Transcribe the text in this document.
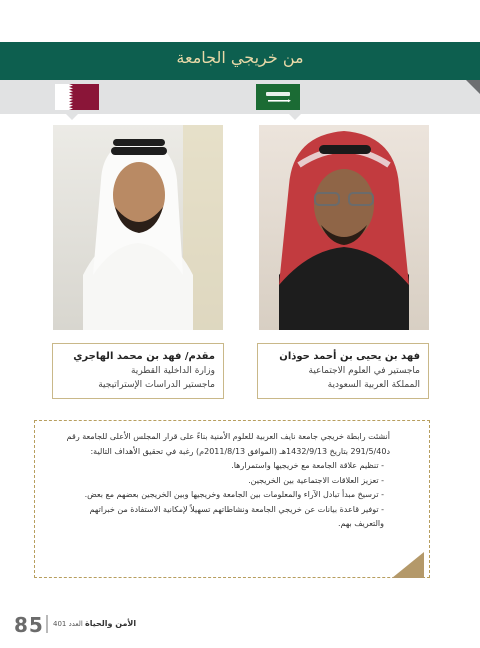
من خريجي الجامعة
مقدم/ فهد بن محمد الهاجري
وزارة الداخلية القطرية
ماجستير الدراسات الإستراتيجية
فهد بن يحيى بن أحمد حوذان
ماجستير في العلوم الاجتماعية
المملكة العربية السعودية

أنشئت رابطة خريجي جامعة نايف العربية للعلوم الأمنية بناءً على قرار المجلس الأعلى للجامعة رقم د291/5/40 بتاريخ 1432/9/13هـ (الموافق 2011/8/13م) رغبة في تحقيق الأهداف التالية:

- تنظيم علاقة الجامعة مع خريجيها واستمرارها.
- تعزيز العلاقات الاجتماعية بين الخريجين.
- ترسيخ مبدأ تبادل الآراء والمعلومات بين الجامعة وخريجيها وبين الخريجين بعضهم مع بعض.
- توفير قاعدة بيانات عن خريجي الجامعة ونشاطاتهم تسهيلاً لإمكانية الاستفادة من خبراتهم والتعريف بهم.
85 العدد 401 الأمن والحياة
